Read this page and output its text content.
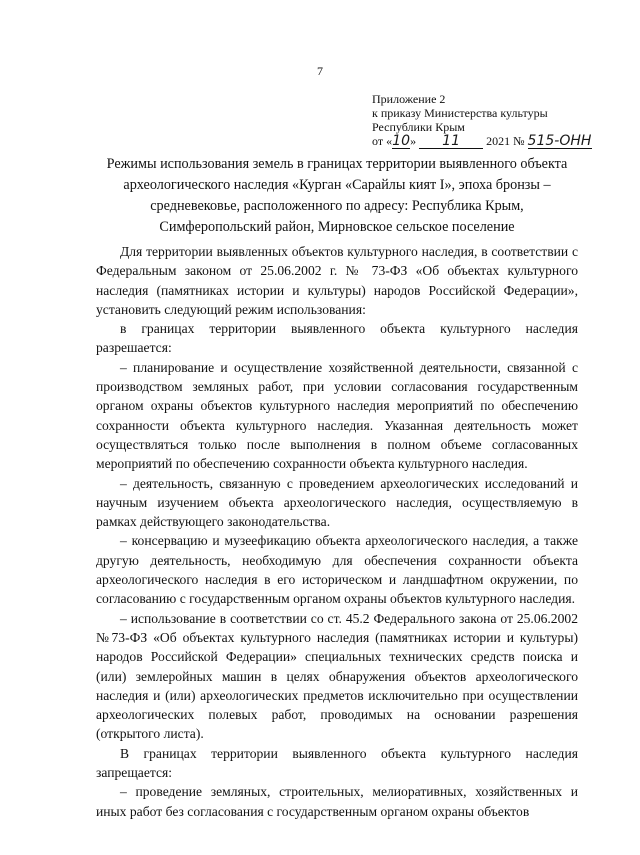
7
Приложение 2
к приказу Министерства культуры
Республики Крым
от «10» 11 2021 № 515-ОНН
Режимы использования земель в границах территории выявленного объекта археологического наследия «Курган «Сарайлы кият I», эпоха бронзы – средневековье, расположенного по адресу: Республика Крым, Симферопольский район, Мирновское сельское поселение

Для территории выявленных объектов культурного наследия, в соответствии с Федеральным законом от 25.06.2002 г. № 73-ФЗ «Об объектах культурного наследия (памятниках истории и культуры) народов Российской Федерации», установить следующий режим использования:

в границах территории выявленного объекта культурного наследия разрешается:

– планирование и осуществление хозяйственной деятельности, связанной с производством земляных работ, при условии согласования государственным органом охраны объектов культурного наследия мероприятий по обеспечению сохранности объекта культурного наследия. Указанная деятельность может осуществляться только после выполнения в полном объеме согласованных мероприятий по обеспечению сохранности объекта культурного наследия.

– деятельность, связанную с проведением археологических исследований и научным изучением объекта археологического наследия, осуществляемую в рамках действующего законодательства.

– консервацию и музеефикацию объекта археологического наследия, а также другую деятельность, необходимую для обеспечения сохранности объекта археологического наследия в его историческом и ландшафтном окружении, по согласованию с государственным органом охраны объектов культурного наследия.

– использование в соответствии со ст. 45.2 Федерального закона от 25.06.2002 №73-ФЗ «Об объектах культурного наследия (памятниках истории и культуры) народов Российской Федерации» специальных технических средств поиска и (или) землеройных машин в целях обнаружения объектов археологического наследия и (или) археологических предметов исключительно при осуществлении археологических полевых работ, проводимых на основании разрешения (открытого листа).

В границах территории выявленного объекта культурного наследия запрещается:

– проведение земляных, строительных, мелиоративных, хозяйственных и иных работ без согласования с государственным органом охраны объектов
